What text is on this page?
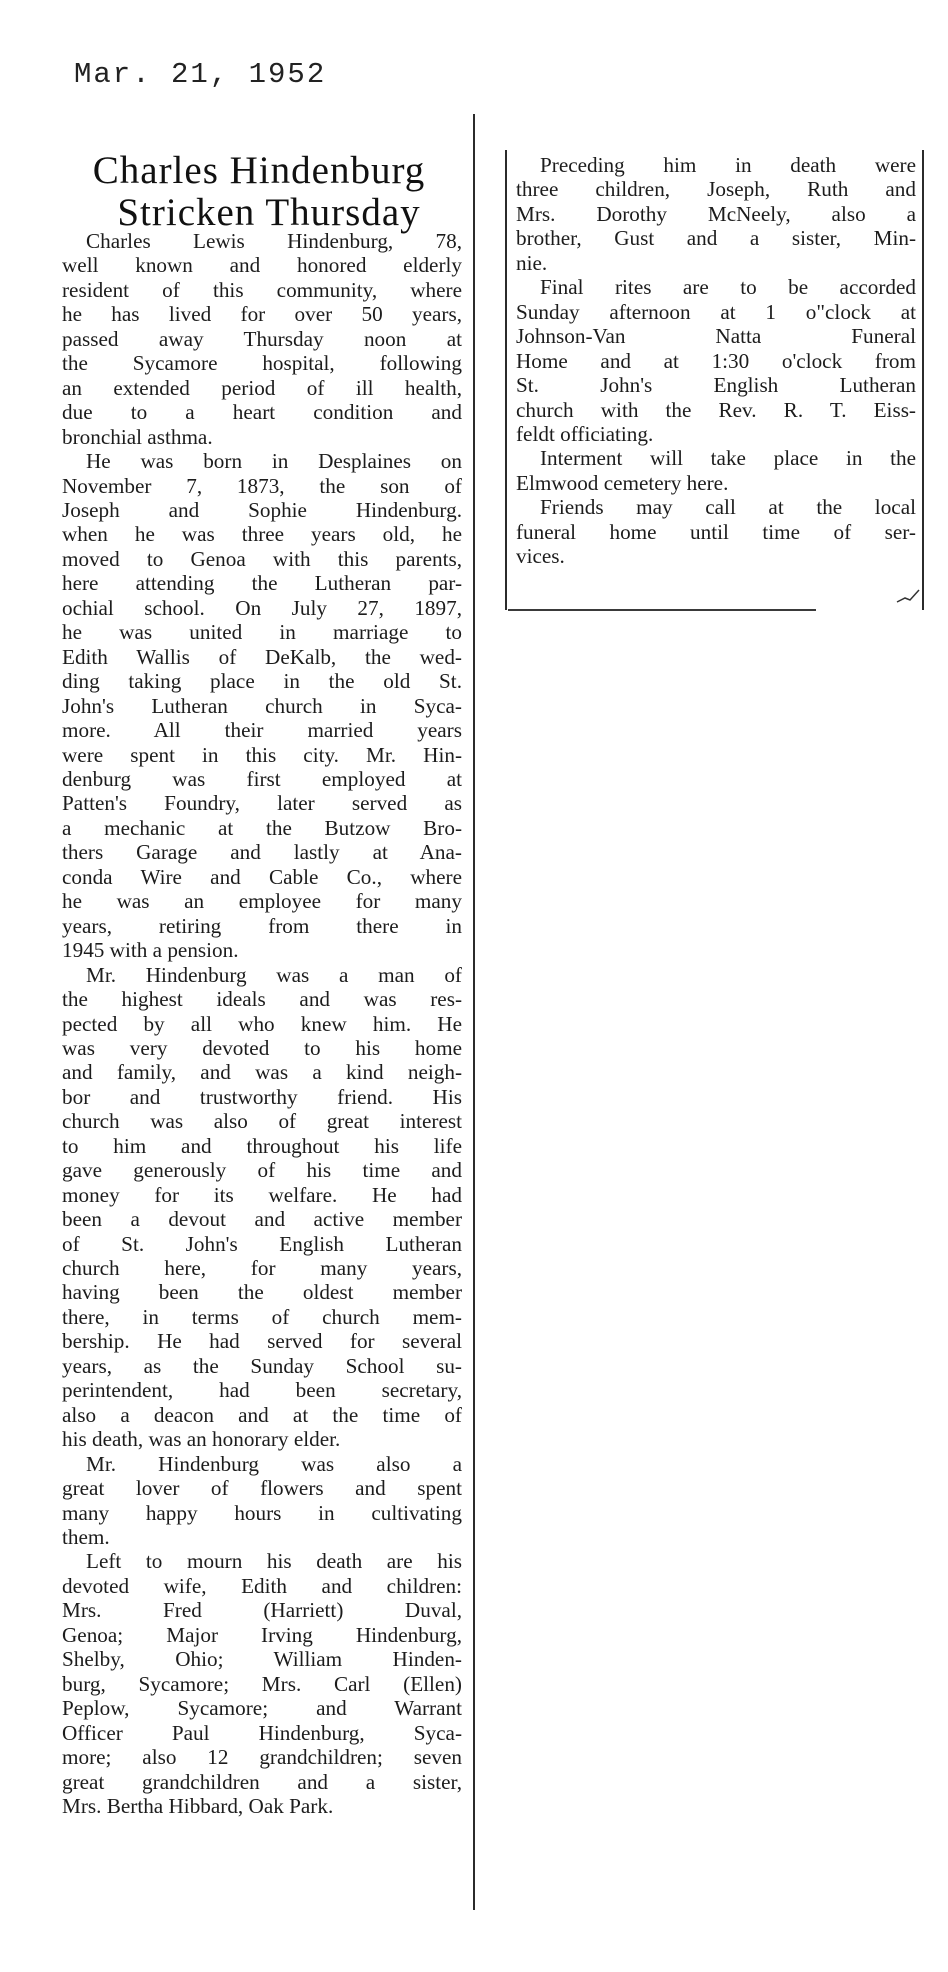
Mar. 21, 1952
Charles Hindenburg
Stricken Thursday

Charles Lewis Hindenburg, 78,
well known and honored elderly
resident of this community, where
he has lived for over 50 years,
passed away Thursday noon at
the Sycamore hospital, following
an extended period of ill health,
due to a heart condition and
bronchial asthma.

He was born in Desplaines on
November 7, 1873, the son of
Joseph and Sophie Hindenburg.
when he was three years old, he
moved to Genoa with this parents,
here attending the Lutheran par-
ochial school. On July 27, 1897,
he was united in marriage to
Edith Wallis of DeKalb, the wed-
ding taking place in the old St.
John's Lutheran church in Syca-
more. All their married years
were spent in this city. Mr. Hin-
denburg was first employed at
Patten's Foundry, later served as
a mechanic at the Butzow Bro-
thers Garage and lastly at Ana-
conda Wire and Cable Co., where
he was an employee for many
years, retiring from there in
1945 with a pension.

Mr. Hindenburg was a man of
the highest ideals and was res-
pected by all who knew him. He
was very devoted to his home
and family, and was a kind neigh-
bor and trustworthy friend. His
church was also of great interest
to him and throughout his life
gave generously of his time and
money for its welfare. He had
been a devout and active member
of St. John's English Lutheran
church here, for many years,
having been the oldest member
there, in terms of church mem-
bership. He had served for several
years, as the Sunday School su-
perintendent, had been secretary,
also a deacon and at the time of
his death, was an honorary elder.

Mr. Hindenburg was also a
great lover of flowers and spent
many happy hours in cultivating
them.

Left to mourn his death are his
devoted wife, Edith and children:
Mrs. Fred (Harriett) Duval,
Genoa; Major Irving Hindenburg,
Shelby, Ohio; William Hinden-
burg, Sycamore; Mrs. Carl (Ellen)
Peplow, Sycamore; and Warrant
Officer Paul Hindenburg, Syca-
more; also 12 grandchildren; seven
great grandchildren and a sister,
Mrs. Bertha Hibbard, Oak Park.

Preceding him in death were
three children, Joseph, Ruth and
Mrs. Dorothy McNeely, also a
brother, Gust and a sister, Min-
nie.

Final rites are to be accorded
Sunday afternoon at 1 o"clock at
Johnson-Van Natta Funeral
Home and at 1:30 o'clock from
St. John's English Lutheran
church with the Rev. R. T. Eiss-
feldt officiating.

Interment will take place in the
Elmwood cemetery here.

Friends may call at the local
funeral home until time of ser-
vices.
